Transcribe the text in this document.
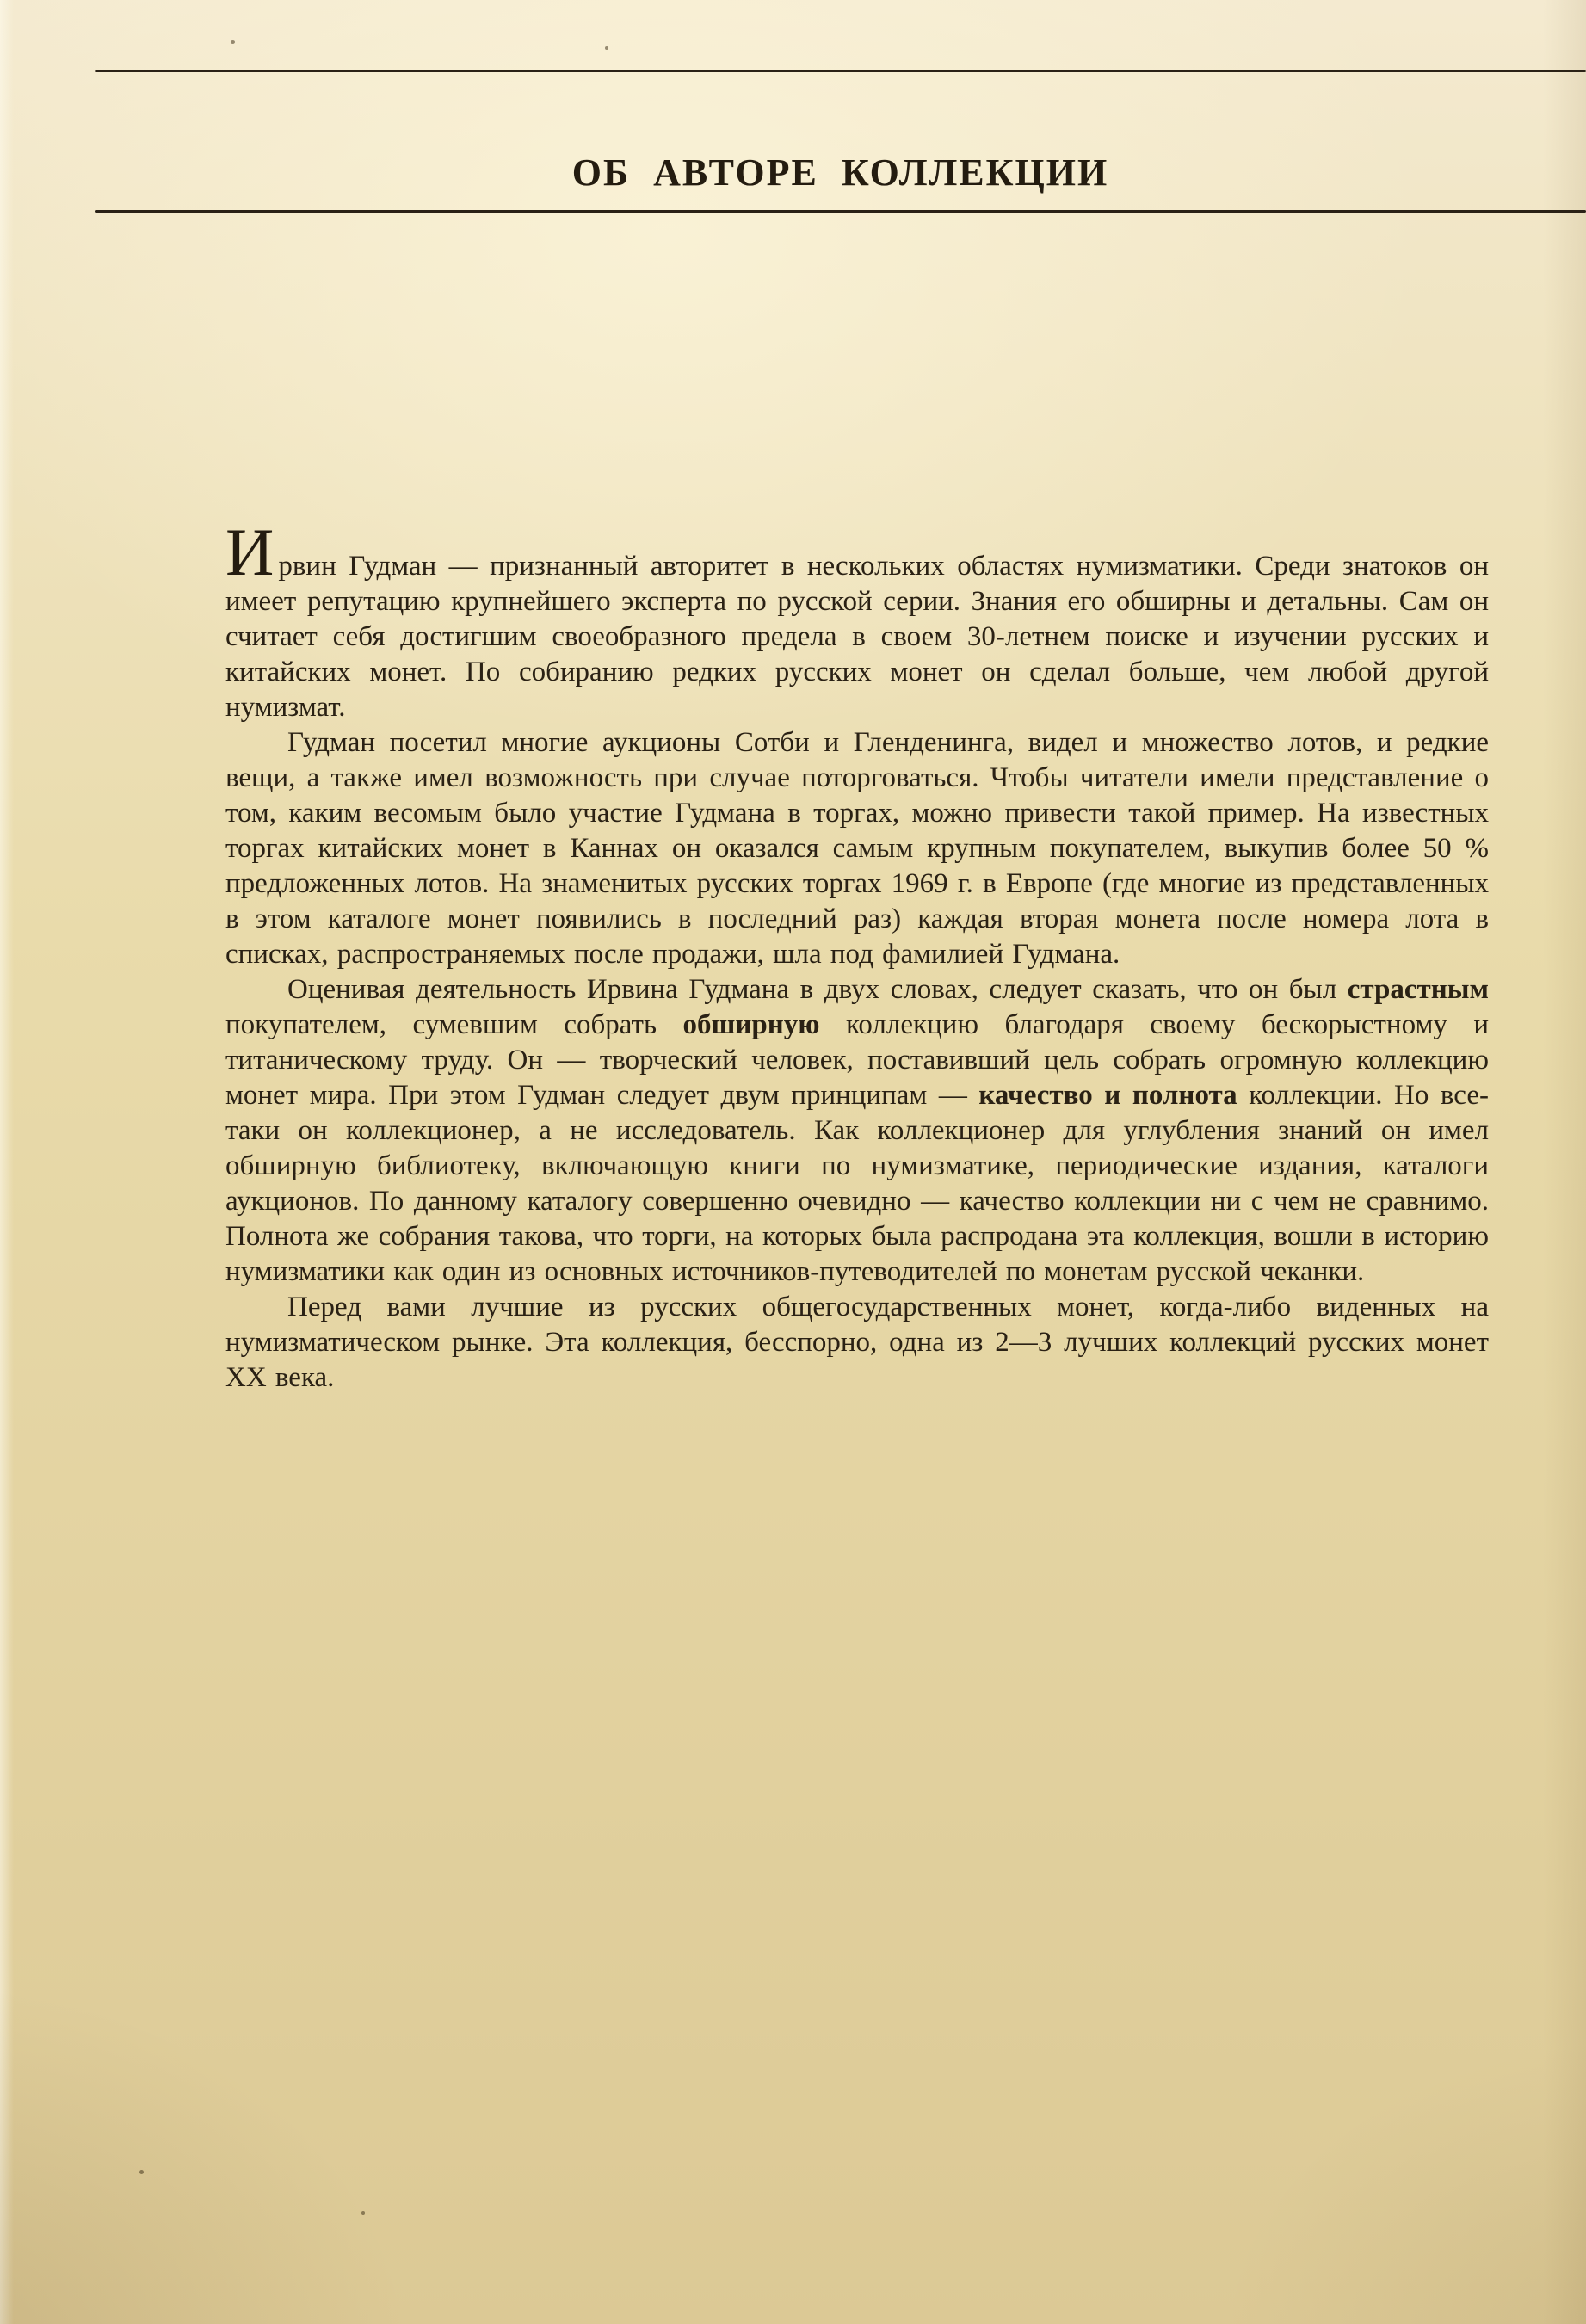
ОБ АВТОРЕ КОЛЛЕКЦИИ

Ирвин Гудман — признанный авторитет в нескольких областях нумизматики. Среди знатоков он имеет репутацию крупнейшего эксперта по русской серии. Знания его обширны и детальны. Сам он считает себя достигшим своеобразного предела в своем 30-летнем поиске и изучении русских и китайских монет. По собиранию редких русских монет он сделал больше, чем любой другой нумизмат.

Гудман посетил многие аукционы Сотби и Гленденинга, видел и множество лотов, и редкие вещи, а также имел возможность при случае поторговаться. Чтобы читатели имели представление о том, каким весомым было участие Гудмана в торгах, можно привести такой пример. На известных торгах китайских монет в Каннах он оказался самым крупным покупателем, выкупив более 50 % предложенных лотов. На знаменитых русских торгах 1969 г. в Европе (где многие из представленных в этом каталоге монет появились в последний раз) каждая вторая монета после номера лота в списках, распространяемых после продажи, шла под фамилией Гудмана.

Оценивая деятельность Ирвина Гудмана в двух словах, следует сказать, что он был страстным покупателем, сумевшим собрать обширную коллекцию благодаря своему бескорыстному и титаническому труду. Он — творческий человек, поставивший цель собрать огромную коллекцию монет мира. При этом Гудман следует двум принципам — качество и полнота коллекции. Но все-таки он коллекционер, а не исследователь. Как коллекционер для углубления знаний он имел обширную библиотеку, включающую книги по нумизматике, периодические издания, каталоги аукционов. По данному каталогу совершенно очевидно — качество коллекции ни с чем не сравнимо. Полнота же собрания такова, что торги, на которых была распродана эта коллекция, вошли в историю нумизматики как один из основных источников-путеводителей по монетам русской чеканки.

Перед вами лучшие из русских общегосударственных монет, когда-либо виденных на нумизматическом рынке. Эта коллекция, бесспорно, одна из 2—3 лучших коллекций русских монет XX века.
